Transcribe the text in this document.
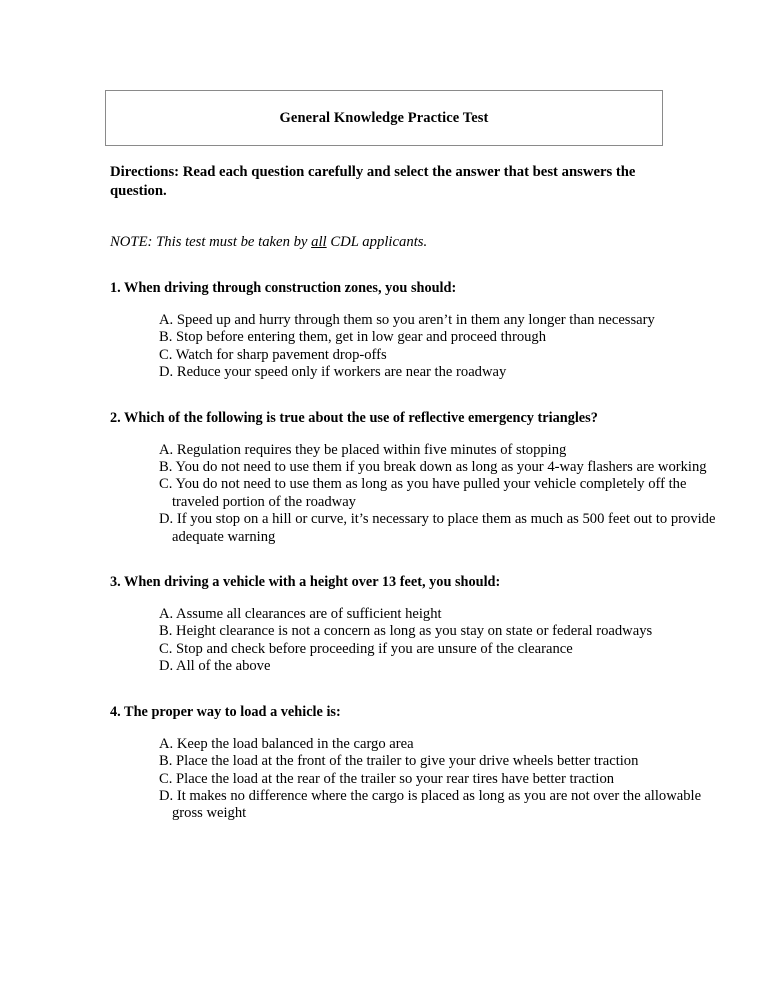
General Knowledge Practice Test

Directions: Read each question carefully and select the answer that best answers the question.

NOTE: This test must be taken by all CDL applicants.

1. When driving through construction zones, you should:

A. Speed up and hurry through them so you aren’t in them any longer than necessary
B. Stop before entering them, get in low gear and proceed through
C. Watch for sharp pavement drop-offs
D. Reduce your speed only if workers are near the roadway

2. Which of the following is true about the use of reflective emergency triangles?

A. Regulation requires they be placed within five minutes of stopping
B. You do not need to use them if you break down as long as your 4-way flashers are working
C. You do not need to use them as long as you have pulled your vehicle completely off the traveled portion of the roadway
D. If you stop on a hill or curve, it’s necessary to place them as much as 500 feet out to provide adequate warning

3. When driving a vehicle with a height over 13 feet, you should:

A. Assume all clearances are of sufficient height
B. Height clearance is not a concern as long as you stay on state or federal roadways
C. Stop and check before proceeding if you are unsure of the clearance
D. All of the above

4. The proper way to load a vehicle is:

A. Keep the load balanced in the cargo area
B. Place the load at the front of the trailer to give your drive wheels better traction
C. Place the load at the rear of the trailer so your rear tires have better traction
D. It makes no difference where the cargo is placed as long as you are not over the allowable gross weight
